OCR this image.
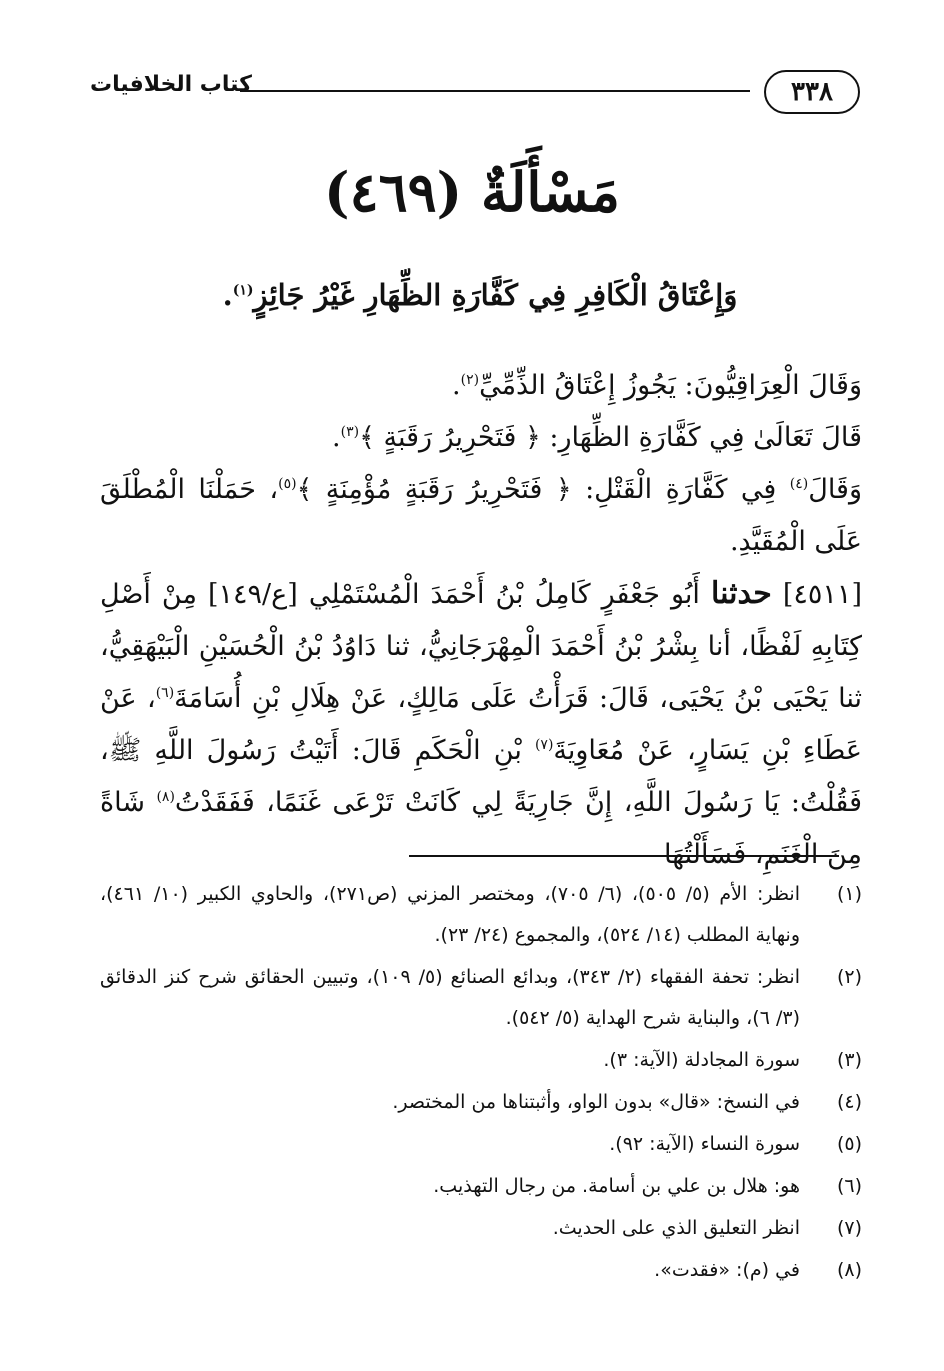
٣٣٨
كتاب الخلافيات
مَسْأَلَةٌ (٤٦٩)
وَإِعْتَاقُ الْكَافِرِ فِي كَفَّارَةِ الظِّهَارِ غَيْرُ جَائِزٍ$^{(١)}$.

وَقَالَ الْعِرَاقِيُّونَ: يَجُوزُ إِعْتَاقُ الذِّمِّيِّ$^{(٢)}$.

قَالَ تَعَالَىٰ فِي كَفَّارَةِ الظِّهَارِ: ﴿ فَتَحْرِيرُ رَقَبَةٍ ﴾$^{(٣)}$.

وَقَالَ$^{(٤)}$ فِي كَفَّارَةِ الْقَتْلِ: ﴿ فَتَحْرِيرُ رَقَبَةٍ مُؤْمِنَةٍ ﴾$^{(٥)}$، حَمَلْنَا الْمُطْلَقَ عَلَى الْمُقَيَّدِ.

[٤٥١١] حدثنا أَبُو جَعْفَرٍ كَامِلُ بْنُ أَحْمَدَ الْمُسْتَمْلِي [ع/١٤٩] مِنْ أَصْلِ كِتَابِهِ لَفْظًا، أنا بِشْرُ بْنُ أَحْمَدَ الْمِهْرَجَانِيُّ، ثنا دَاوُدُ بْنُ الْحُسَيْنِ الْبَيْهَقِيُّ، ثنا يَحْيَى بْنُ يَحْيَى، قَالَ: قَرَأْتُ عَلَى مَالِكٍ، عَنْ هِلَالِ بْنِ أُسَامَةَ$^{(٦)}$، عَنْ عَطَاءِ بْنِ يَسَارٍ، عَنْ مُعَاوِيَةَ$^{(٧)}$ بْنِ الْحَكَمِ قَالَ: أَتَيْتُ رَسُولَ اللَّهِ ﷺ، فَقُلْتُ: يَا رَسُولَ اللَّهِ، إِنَّ جَارِيَةً لِي كَانَتْ تَرْعَى غَنَمًا، فَفَقَدْتُ$^{(٨)}$ شَاةً مِنَ الْغَنَمِ، فَسَأَلْتُهَا

(١)
انظر: الأم (٥/ ٥٠٥)، (٦/ ٧٠٥)، ومختصر المزني (ص٢٧١)، والحاوي الكبير (١٠/ ٤٦١)، ونهاية المطلب (١٤/ ٥٢٤)، والمجموع (٢٤/ ٢٣).
(٢)
انظر: تحفة الفقهاء (٢/ ٣٤٣)، وبدائع الصنائع (٥/ ١٠٩)، وتبيين الحقائق شرح كنز الدقائق (٣/ ٦)، والبناية شرح الهداية (٥/ ٥٤٢).
(٣)
سورة المجادلة (الآية: ٣).
(٤)
في النسخ: «قال» بدون الواو، وأثبتناها من المختصر.
(٥)
سورة النساء (الآية: ٩٢).
(٦)
هو: هلال بن علي بن أسامة. من رجال التهذيب.
(٧)
انظر التعليق الذي على الحديث.
(٨)
في (م): «فقدت».
